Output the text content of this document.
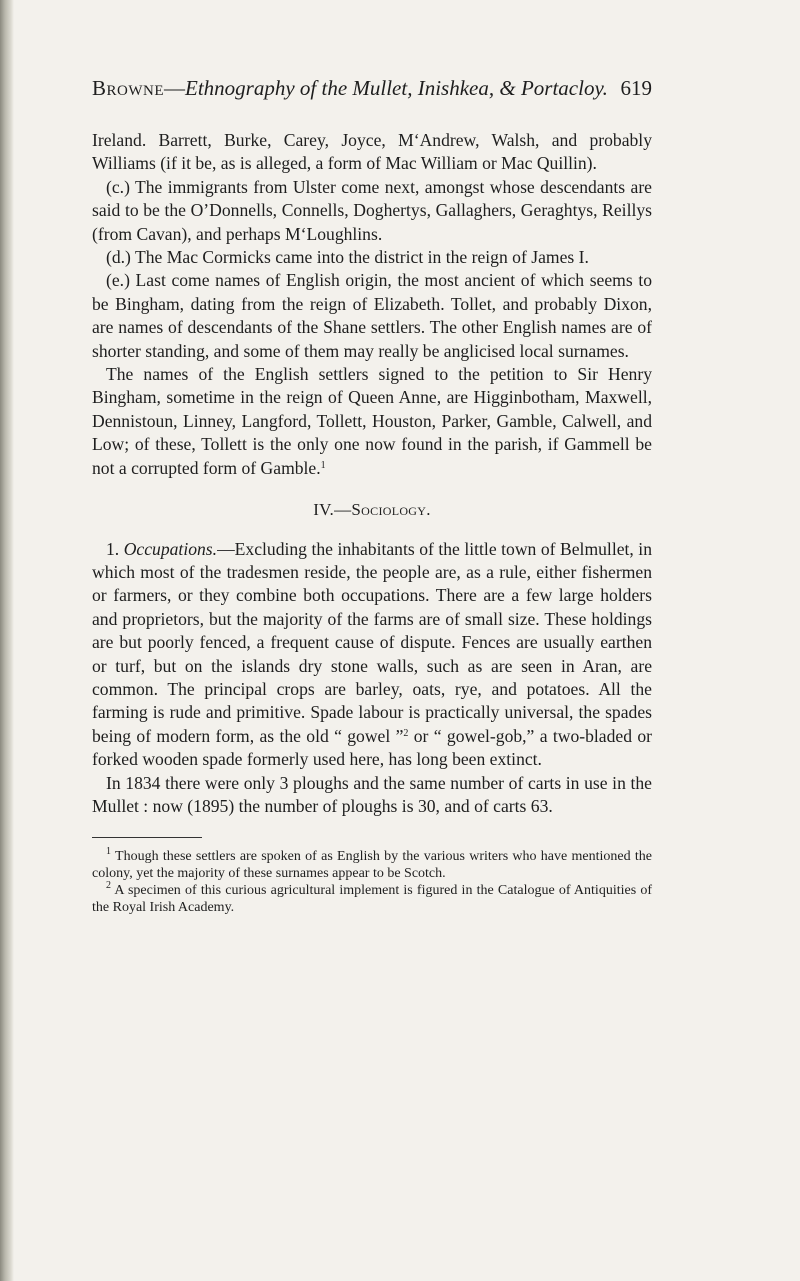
Browne—Ethnography of the Mullet, Inishkea, & Portacloy. 619

Ireland. Barrett, Burke, Carey, Joyce, M‘Andrew, Walsh, and probably Williams (if it be, as is alleged, a form of Mac William or Mac Quillin).

(c.) The immigrants from Ulster come next, amongst whose descendants are said to be the O’Donnells, Connells, Doghertys, Gallaghers, Geraghtys, Reillys (from Cavan), and perhaps M‘Loughlins.

(d.) The Mac Cormicks came into the district in the reign of James I.

(e.) Last come names of English origin, the most ancient of which seems to be Bingham, dating from the reign of Elizabeth. Tollet, and probably Dixon, are names of descendants of the Shane settlers. The other English names are of shorter standing, and some of them may really be anglicised local surnames.

The names of the English settlers signed to the petition to Sir Henry Bingham, sometime in the reign of Queen Anne, are Higginbotham, Maxwell, Dennistoun, Linney, Langford, Tollett, Houston, Parker, Gamble, Calwell, and Low; of these, Tollett is the only one now found in the parish, if Gammell be not a corrupted form of Gamble.$^1$

IV.—Sociology.

1. Occupations.—Excluding the inhabitants of the little town of Belmullet, in which most of the tradesmen reside, the people are, as a rule, either fishermen or farmers, or they combine both occupations. There are a few large holders and proprietors, but the majority of the farms are of small size. These holdings are but poorly fenced, a frequent cause of dispute. Fences are usually earthen or turf, but on the islands dry stone walls, such as are seen in Aran, are common. The principal crops are barley, oats, rye, and potatoes. All the farming is rude and primitive. Spade labour is practically universal, the spades being of modern form, as the old “ gowel ”$^2$ or “ gowel-gob,” a two-bladed or forked wooden spade formerly used here, has long been extinct.

In 1834 there were only 3 ploughs and the same number of carts in use in the Mullet : now (1895) the number of ploughs is 30, and of carts 63.

$^1$ Though these settlers are spoken of as English by the various writers who have mentioned the colony, yet the majority of these surnames appear to be Scotch.

$^2$ A specimen of this curious agricultural implement is figured in the Catalogue of Antiquities of the Royal Irish Academy.
